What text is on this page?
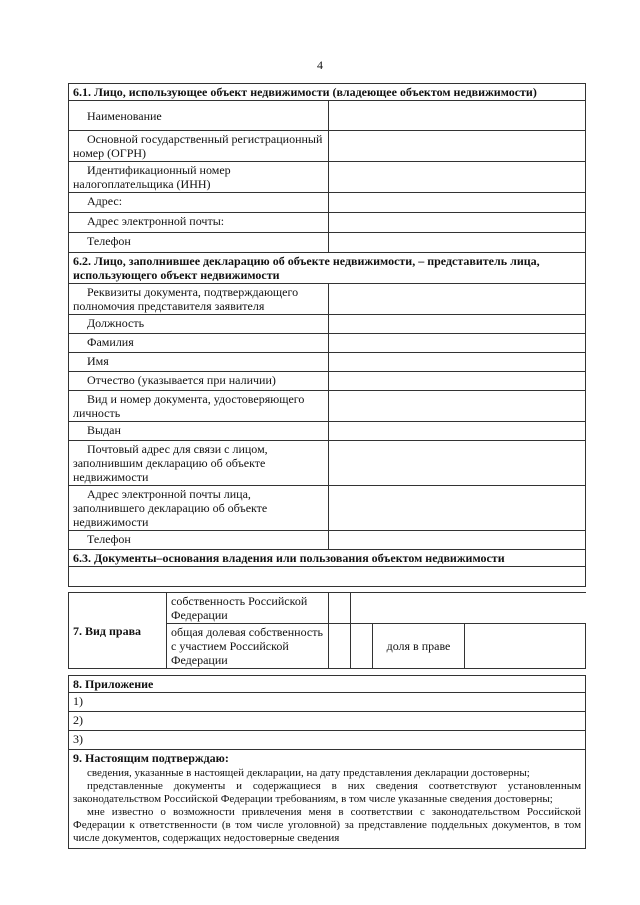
4
6.1. Лицо, использующее объект недвижимости (владеющее объектом недвижимости)					
Наименование					
Основной государственный регистрационный номер (ОГРН)					
Идентификационный номер налогоплательщика (ИНН)					
Адрес:					
Адрес электронной почты:					
Телефон					
6.2. Лицо, заполнившее декларацию об объекте недвижимости, – представитель лица, использующего объект недвижимости					
Реквизиты документа, подтверждающего полномочия представителя заявителя					
Должность					
Фамилия					
Имя					
Отчество (указывается при наличии)					
Вид и номер документа, удостоверяющего личность					
Выдан					
Почтовый адрес для связи с лицом, заполнившим декларацию об объекте недвижимости					
Адрес электронной почты лица, заполнившего декларацию об объекте недвижимости					
Телефон					
6.3. Документы–основания владения или пользования объектом недвижимости					

7. Вид права	собственность Российской Федерации				
	общая долевая собственность с участием Российской Федерации			доля в праве	

8. Приложение					
1)					
2)					
3)					
9. Настоящим подтверждаю:					

сведения, указанные в настоящей декларации, на дату представления декларации достоверны;

представленные документы и содержащиеся в них сведения соответствуют установленным законодательством Российской Федерации требованиям, в том числе указанные сведения достоверны;

мне известно о возможности привлечения меня в соответствии с законодательством Российской Федерации к ответственности (в том числе уголовной) за представление поддельных документов, в том числе документов, содержащих недостоверные сведения					
